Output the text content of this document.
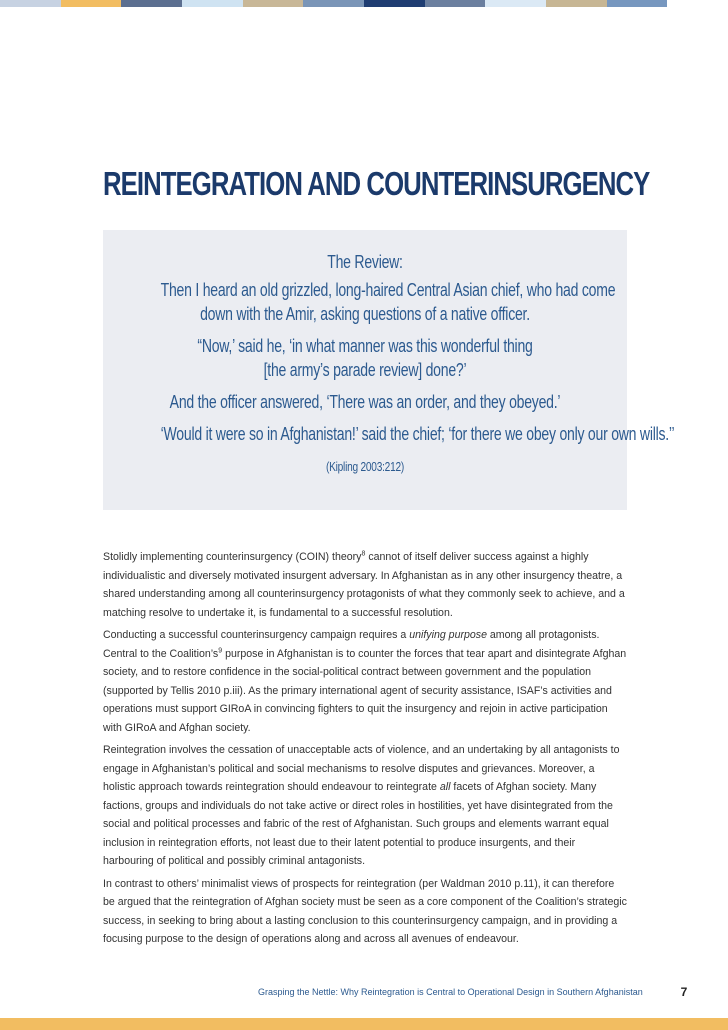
REINTEGRATION AND COUNTERINSURGENCY
The Review:
Then I heard an old grizzled, long-haired Central Asian chief, who had come
down with the Amir, asking questions of a native officer.
“Now,’ said he, ‘in what manner was this wonderful thing
[the army’s parade review] done?’
And the officer answered, ‘There was an order, and they obeyed.’
‘Would it were so in Afghanistan!’ said the chief; ‘for there we obey only our own wills.’’
(Kipling 2003:212)

Stolidly implementing counterinsurgency (COIN) theory$^8$ cannot of itself deliver success against a highly individualistic and diversely motivated insurgent adversary. In Afghanistan as in any other insurgency theatre, a shared understanding among all counterinsurgency protagonists of what they commonly seek to achieve, and a matching resolve to undertake it, is fundamental to a successful resolution.

Conducting a successful counterinsurgency campaign requires a unifying purpose among all protagonists. Central to the $Coalition’s^9$ purpose in Afghanistan is to counter the forces that tear apart and disintegrate Afghan society, and to restore confidence in the social-political contract between government and the population (supported by Tellis 2010 p.iii). As the primary international agent of security assistance, ISAF’s activities and operations must support GIRoA in convincing fighters to quit the insurgency and rejoin in active participation with GIRoA and Afghan society.

Reintegration involves the cessation of unacceptable acts of violence, and an undertaking by all antagonists to engage in Afghanistan’s political and social mechanisms to resolve disputes and grievances. Moreover, a holistic approach towards reintegration should endeavour to reintegrate all facets of Afghan society. Many factions, groups and individuals do not take active or direct roles in hostilities, yet have disintegrated from the social and political processes and fabric of the rest of Afghanistan. Such groups and elements warrant equal inclusion in reintegration efforts, not least due to their latent potential to produce insurgents, and their harbouring of political and possibly criminal antagonists.

In contrast to others’ minimalist views of prospects for reintegration (per Waldman 2010 p.11), it can therefore be argued that the reintegration of Afghan society must be seen as a core component of the Coalition’s strategic success, in seeking to bring about a lasting conclusion to this counterinsurgency campaign, and in providing a focusing purpose to the design of operations along and across all avenues of endeavour.

Grasping the Nettle: Why Reintegration is Central to Operational Design in Southern Afghanistan	7
